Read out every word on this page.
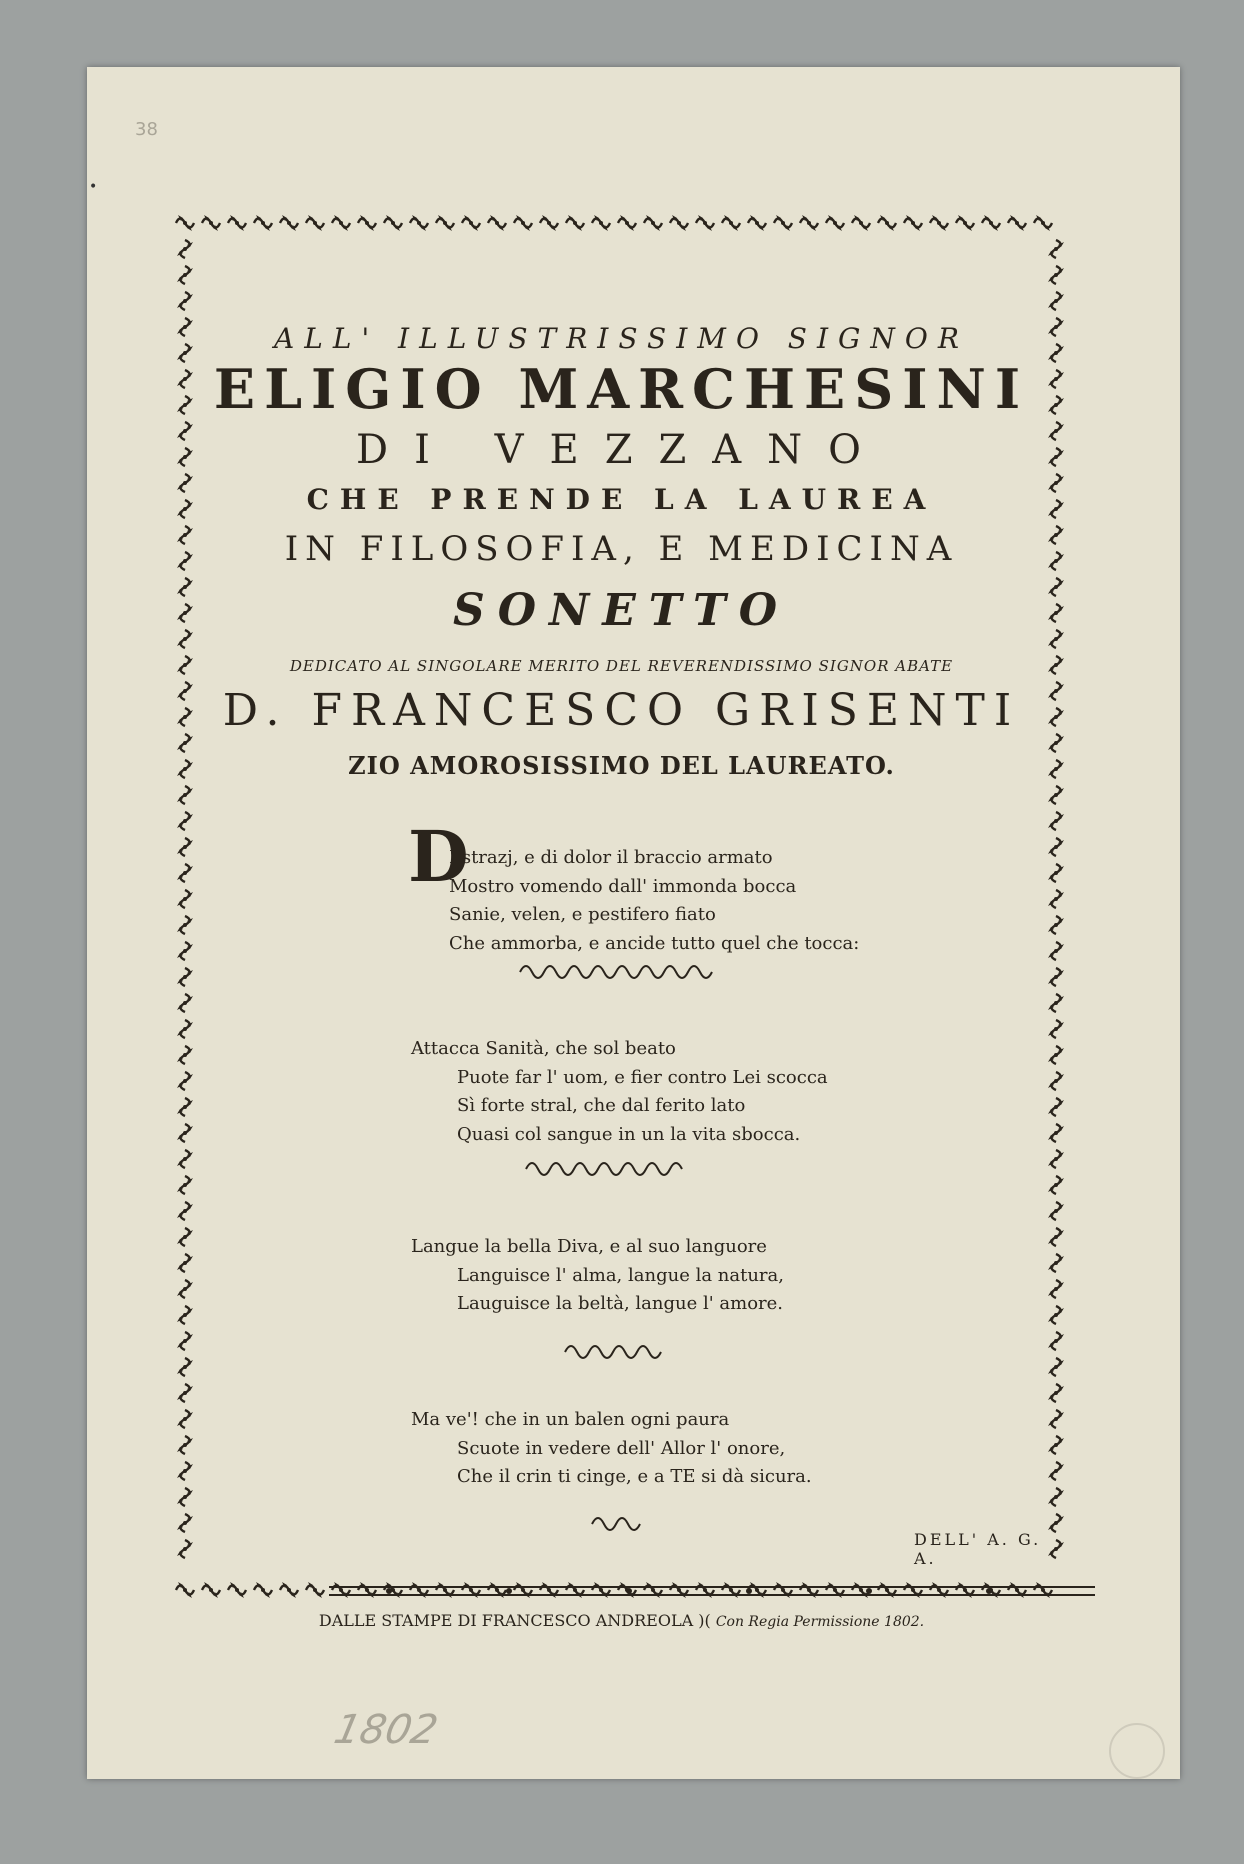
38
•
ALL' ILLUSTRISSIMO SIGNOR
ELIGIO MARCHESINI
DI VEZZANO
CHE PRENDE LA LAUREA
IN FILOSOFIA, E MEDICINA
SONETTO
DEDICATO AL SINGOLARE MERITO DEL REVERENDISSIMO SIGNOR ABATE
D. FRANCESCO GRISENTI
ZIO AMOROSISSIMO DEL LAUREATO.
D
I strazj, e di dolor il braccio armato
Mostro vomendo dall' immonda bocca
Sanie, velen, e pestifero fiato
Che ammorba, e ancide tutto quel che tocca:
Attacca Sanità, che sol beato
Puote far l' uom, e fier contro Lei scocca
Sì forte stral, che dal ferito lato
Quasi col sangue in un la vita sbocca.
Langue la bella Diva, e al suo languore
Languisce l' alma, langue la natura,
Lauguisce la beltà, langue l' amore.
Ma ve'! che in un balen ogni paura
Scuote in vedere dell' Allor l' onore,
Che il crin ti cinge, e a TE si dà sicura.
DELL' A. G. A.
DALLE STAMPE DI FRANCESCO ANDREOLA )( Con Regia Permissione 1802.
1802
